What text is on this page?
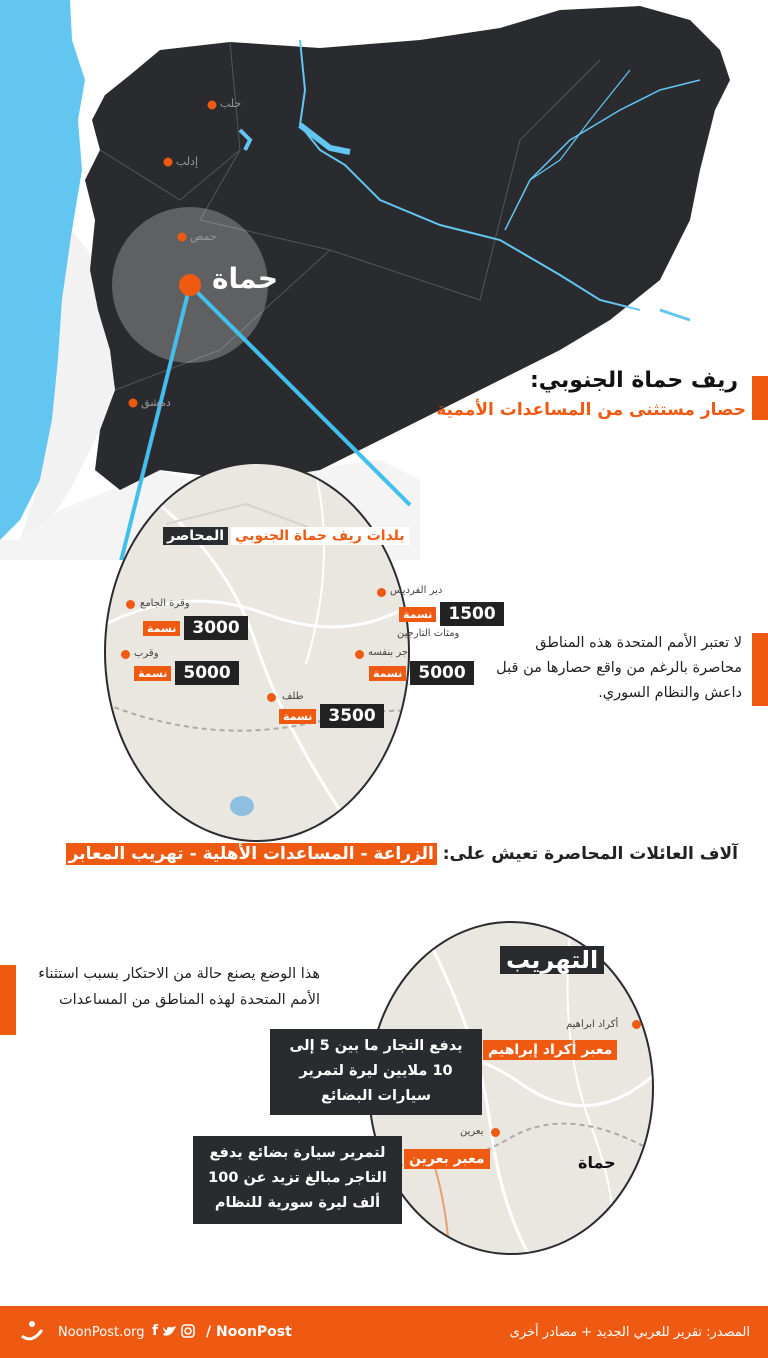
حلب
إدلب
حمص
دمشق
حماة
ريف حماة الجنوبي:
حصار مستثنى من المساعدات الأممية
بلدات ريف حماة الجنوبي
المحاصر
دير الفرديس
نسمة 1500
ومثات التارجين
وقرة الجامع
نسمة 3000
وقرب
نسمة 5000
جر بنفسه
نسمة 5000
طلف
نسمة 3500
لا تعتبر الأمم المتحدة هذه المناطق محاصرة بالرغم من واقع حصارها من قبل داعش والنظام السوري.
آلاف العائلات المحاصرة تعيش على: الزراعة - المساعدات الأهلية - تهريب المعابر
هذا الوضع يصنع حالة من الاحتكار بسبب استثناء الأمم المتحدة لهذه المناطق من المساعدات
التهريب
أكراد ابراهيم
معبر أكراد إبراهيم
يدفع التجار ما بين 5 إلى 10 ملايين ليرة لتمرير سيارات البضائع
بعرين
معبر بعرين
لتمرير سيارة بضائع يدفع التاجر مبالغ تزيد عن 100 ألف ليرة سورية للنظام
حماة
NoonPost.org f	/ NoonPost	المصدر: تقرير للعربي الجديد + مصادر أخرى
